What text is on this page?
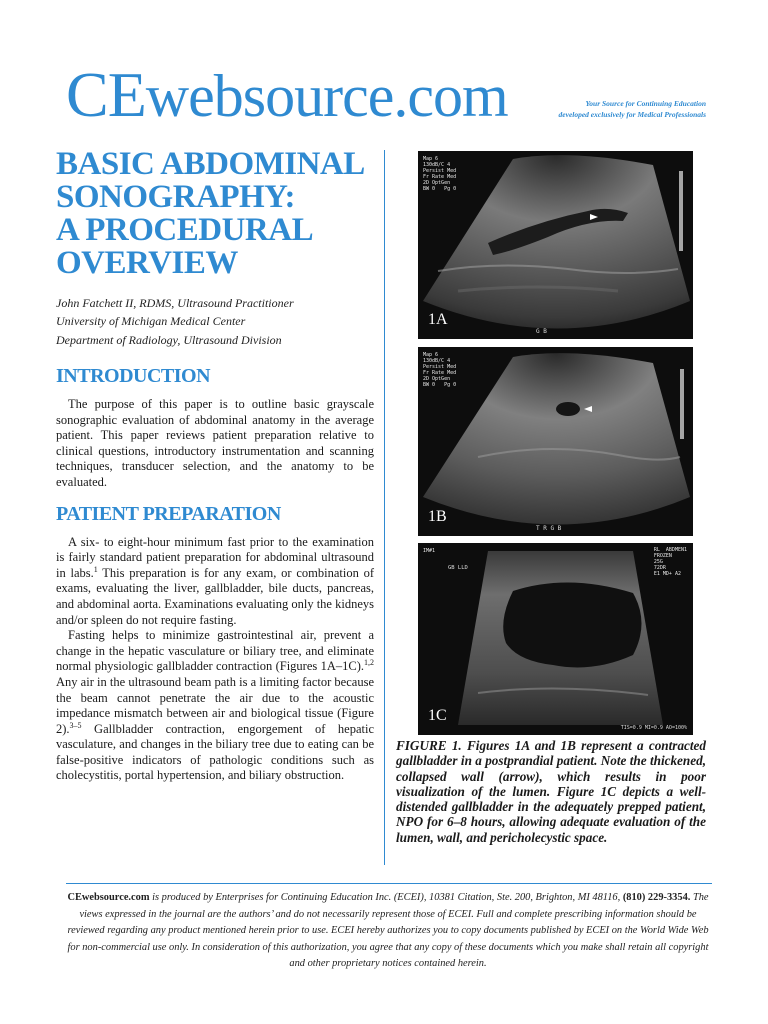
CEwebsource.com	Your Source for Continuing Education
developed exclusively for Medical Professionals
BASIC ABDOMINAL
SONOGRAPHY:
A PROCEDURAL
OVERVIEW
John Fatchett II, RDMS, Ultrasound Practitioner
University of Michigan Medical Center
Department of Radiology, Ultrasound Division
INTRODUCTION

The purpose of this paper is to outline basic grayscale sonographic evaluation of abdominal anatomy in the average patient. This paper reviews patient preparation relative to clinical questions, introductory instrumentation and scanning techniques, transducer selection, and the anatomy to be evaluated.

PATIENT PREPARATION

A six- to eight-hour minimum fast prior to the examination is fairly standard patient preparation for abdominal ultrasound in labs.$^1$ This preparation is for any exam, or combination of exams, evaluating the liver, gallbladder, bile ducts, pancreas, and abdominal aorta. Examinations evaluating only the kidneys and/or spleen do not require fasting.

Fasting helps to minimize gastrointestinal air, prevent a change in the hepatic vasculature or biliary tree, and eliminate normal physiologic gallbladder contraction (Figures 1A–1C).$^{1,2}$ Any air in the ultrasound beam path is a limiting factor because the beam cannot penetrate the air due to the acoustic impedance mismatch between air and biological tissue (Figure 2).$^{3-5}$ Gallbladder contraction, engorgement of hepatic vasculature, and changes in the biliary tree due to eating can be false-positive indicators of pathologic conditions such as cholecystitis, portal hypertension, and biliary obstruction.

Map 6
130dB/C 4
Persist Med
Fr Rate Med
2D OptGen
BW 0   Pg 0
1A
G B
Map 6
130dB/C 4
Persist Med
Fr Rate Med
2D OptGen
BW 0   Pg 0
1B
T R G B
IM#1
GB LLD
RL  ABDMEN1
FROZEN
25G
72DR
E1 MD+ A2
1C
TIS=0.9 MI=0.9 AO=100%
FIGURE 1. Figures 1A and 1B represent a contracted gallbladder in a postprandial patient. Note the thickened, collapsed wall (arrow), which results in poor visualization of the lumen. Figure 1C depicts a well-distended gallbladder in the adequately prepped patient, NPO for 6–8 hours, allowing adequate evaluation of the lumen, wall, and pericholecystic space.
CEwebsource.com is produced by Enterprises for Continuing Education Inc. (ECEI), 10381 Citation, Ste. 200, Brighton, MI 48116, (810) 229-3354. The views expressed in the journal are the authors’ and do not necessarily represent those of ECEI. Full and complete prescribing information should be reviewed regarding any product mentioned herein prior to use. ECEI hereby authorizes you to copy documents published by ECEI on the World Wide Web for non-commercial use only. In consideration of this authorization, you agree that any copy of these documents which you make shall retain all copyright and other proprietary notices contained herein.
